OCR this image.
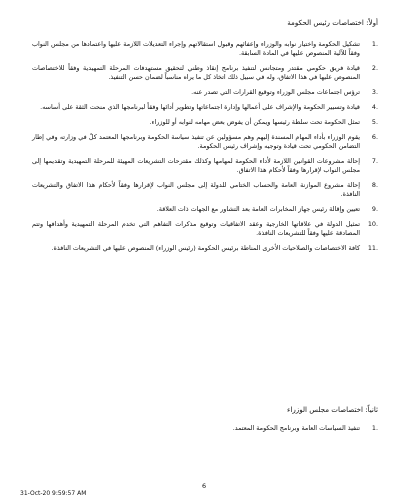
أولاً: اختصاصات رئيس الحكومة
1.
تشكيل الحكومة واختيار نوابه والوزراء وإعفائهم وقبول استقالاتهم وإجراء التعديلات اللازمة عليها واعتمادها من مجلس النواب وفقاً للآلية المنصوص عليها في المادة السابقة.
2.
قيادة فريق حكومي مقتدر ومتجانس لتنفيذ برنامج إنقاذ وطني لتحقيق مستهدفات المرحلة التمهيدية وفقاً للاختصاصات المنصوص عليها في هذا الاتفاق، وله في سبيل ذلك اتخاذ كل ما يراه مناسباً لضمان حسن التنفيذ.
3.
ترؤس اجتماعات مجلس الوزراء وتوقيع القرارات التي تصدر عنه.
4.
قيادة وتسيير الحكومة والإشراف على أعمالها وإدارة اجتماعاتها وتطوير أدائها وفقاً لبرنامجها الذي منحت الثقة على أساسه.
5.
تمثل الحكومة تحت سلطة رئيسها ويمكن أن يفوض بعض مهامه لنوابه أو للوزراء.
6.
يقوم الوزراء بأداء المهام المسندة إليهم وهم مسؤولين عن تنفيذ سياسة الحكومة وبرنامجها المعتمد كلٌ في وزارته وفي إطار التضامن الحكومي تحت قيادة وتوجيه وإشراف رئيس الحكومة.
7.
إحالة مشروعات القوانين اللازمة لأداء الحكومة لمهامها وكذلك مقترحات التشريعات المهيئة للمرحلة التمهيدية وتقديمها إلى مجلس النواب لإقرارها وفقاً لأحكام هذا الاتفاق.
8.
إحالة مشروع الموازنة العامة والحساب الختامي للدولة إلى مجلس النواب لإقرارها وفقاً لأحكام هذا الاتفاق والتشريعات النافذة.
9.
تعيين وإقالة رئيس جهاز المخابرات العامة بعد التشاور مع الجهات ذات العلاقة.
10.
تمثيل الدولة في علاقاتها الخارجية وعقد الاتفاقيات وتوقيع مذكرات التفاهم التي تخدم المرحلة التمهيدية وأهدافها وتتم المصادقة عليها وفقاً للتشريعات النافذة.
11.
كافة الاختصاصات والصلاحيات الأخرى المناطة برئيس الحكومة (رئيس الوزراء) المنصوص عليها في التشريعات النافذة.
ثانياً: اختصاصات مجلس الوزراء
1.
تنفيذ السياسات العامة وبرنامج الحكومة المعتمد.
6
31-Oct-20 9:59:57 AM
